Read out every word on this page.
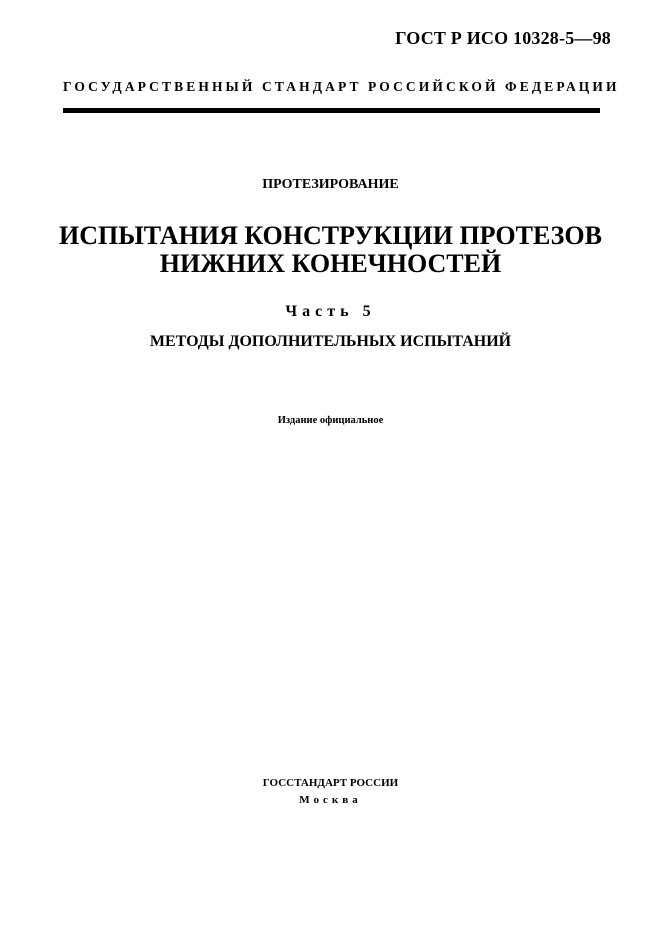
ГОСТ Р ИСО 10328-5—98
ГОСУДАРСТВЕННЫЙ СТАНДАРТ РОССИЙСКОЙ ФЕДЕРАЦИИ
ПРОТЕЗИРОВАНИЕ
ИСПЫТАНИЯ КОНСТРУКЦИИ ПРОТЕЗОВ
НИЖНИХ КОНЕЧНОСТЕЙ
Часть 5
МЕТОДЫ ДОПОЛНИТЕЛЬНЫХ ИСПЫТАНИЙ
Издание официальное
ГОССТАНДАРТ РОССИИ
Москва
